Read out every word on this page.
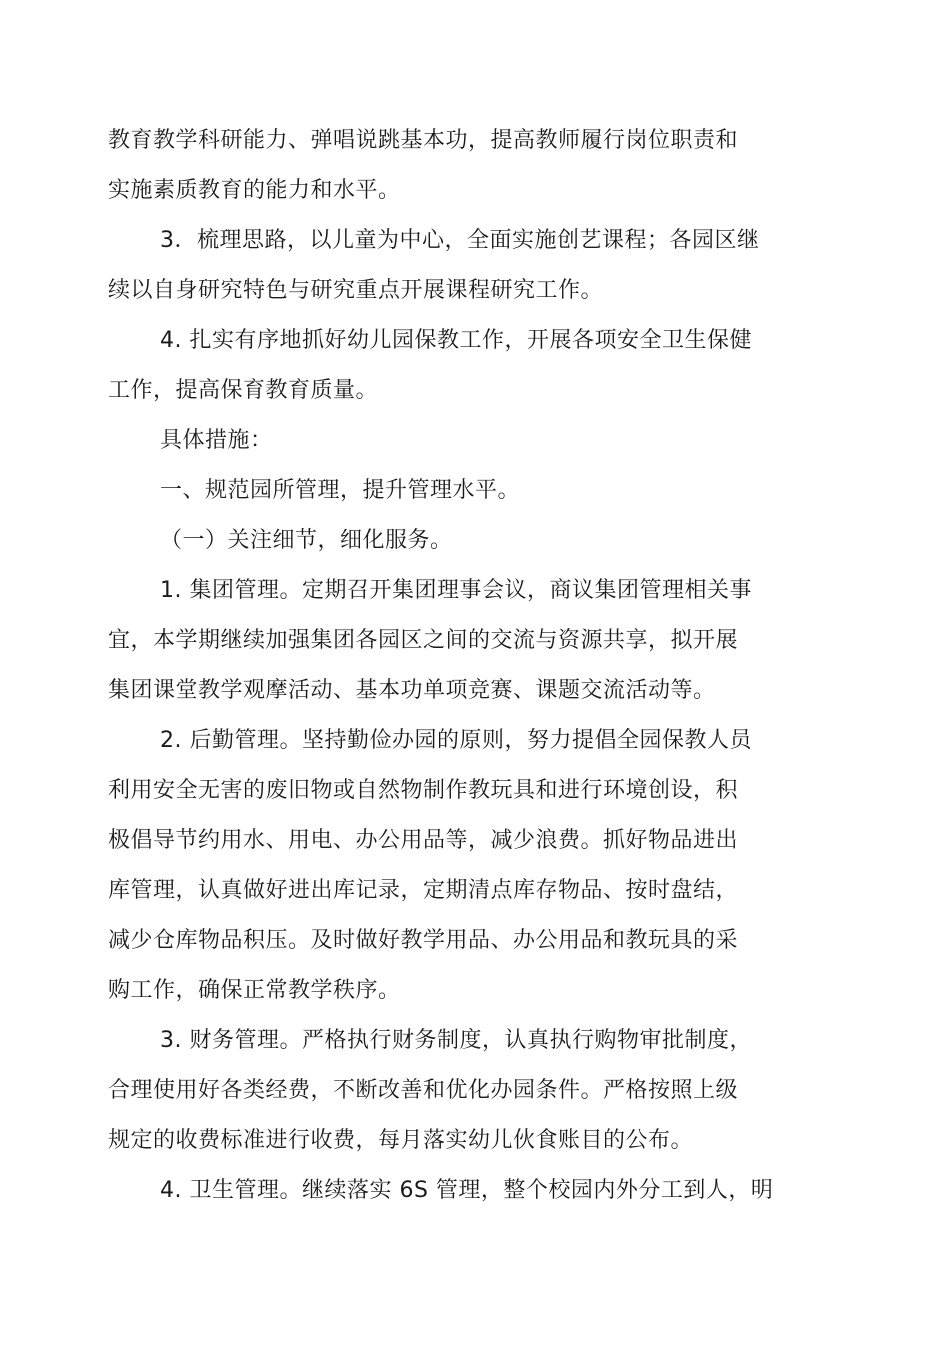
教育教学科研能力、弹唱说跳基本功，提高教师履行岗位职责和
实施素质教育的能力和水平。
3．梳理思路，以儿童为中心，全面实施创艺课程；各园区继
续以自身研究特色与研究重点开展课程研究工作。
4. 扎实有序地抓好幼儿园保教工作，开展各项安全卫生保健
工作，提高保育教育质量。
具体措施：
一、规范园所管理，提升管理水平。
（一）关注细节，细化服务。
1. 集团管理。定期召开集团理事会议，商议集团管理相关事
宜，本学期继续加强集团各园区之间的交流与资源共享，拟开展
集团课堂教学观摩活动、基本功单项竞赛、课题交流活动等。
2. 后勤管理。坚持勤俭办园的原则，努力提倡全园保教人员
利用安全无害的废旧物或自然物制作教玩具和进行环境创设，积
极倡导节约用水、用电、办公用品等，减少浪费。抓好物品进出
库管理，认真做好进出库记录，定期清点库存物品、按时盘结，
减少仓库物品积压。及时做好教学用品、办公用品和教玩具的采
购工作，确保正常教学秩序。
3. 财务管理。严格执行财务制度，认真执行购物审批制度，
合理使用好各类经费，不断改善和优化办园条件。严格按照上级
规定的收费标准进行收费，每月落实幼儿伙食账目的公布。
4. 卫生管理。继续落实 6S 管理，整个校园内外分工到人，明
